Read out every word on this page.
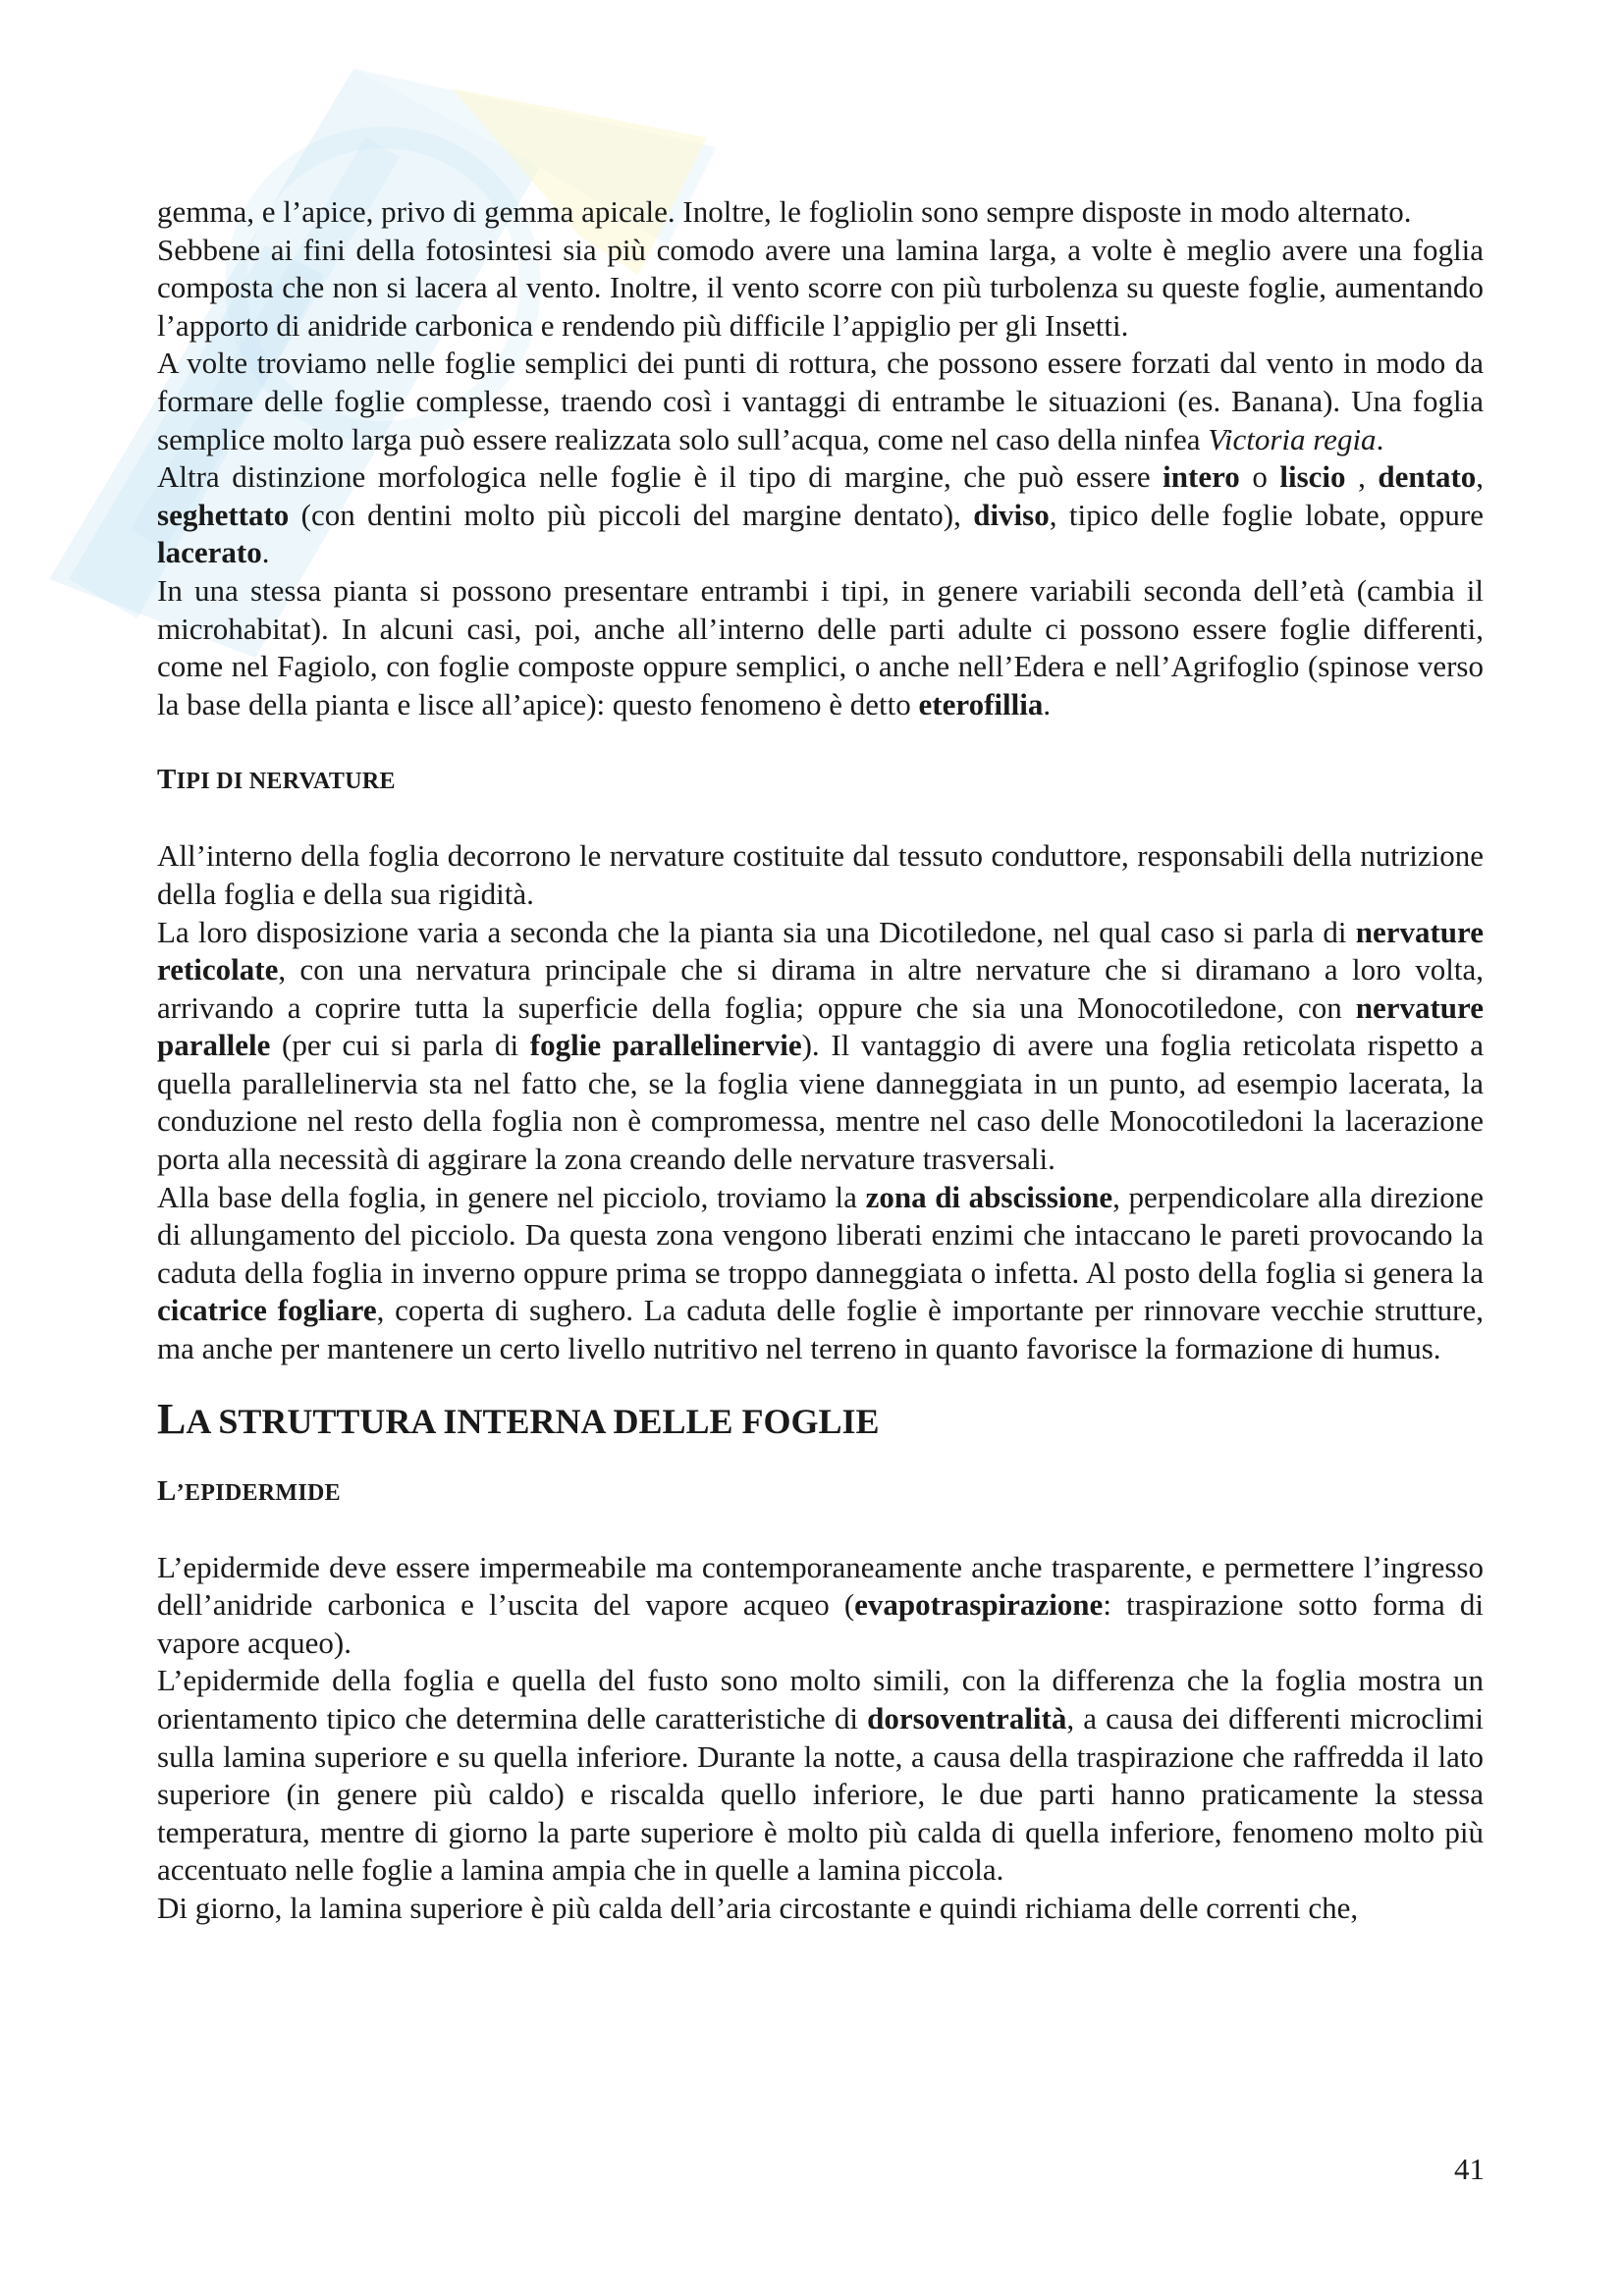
gemma, e l’apice, privo di gemma apicale. Inoltre, le fogliolin sono sempre disposte in modo alternato.

Sebbene ai fini della fotosintesi sia più comodo avere una lamina larga, a volte è meglio avere una foglia composta che non si lacera al vento. Inoltre, il vento scorre con più turbolenza su queste foglie, aumentando l’apporto di anidride carbonica e rendendo più difficile l’appiglio per gli Insetti.

A volte troviamo nelle foglie semplici dei punti di rottura, che possono essere forzati dal vento in modo da formare delle foglie complesse, traendo così i vantaggi di entrambe le situazioni (es. Banana). Una foglia semplice molto larga può essere realizzata solo sull’acqua, come nel caso della ninfea Victoria regia.

Altra distinzione morfologica nelle foglie è il tipo di margine, che può essere intero o liscio , dentato, seghettato (con dentini molto più piccoli del margine dentato), diviso, tipico delle foglie lobate, oppure lacerato.

In una stessa pianta si possono presentare entrambi i tipi, in genere variabili seconda dell’età (cambia il microhabitat). In alcuni casi, poi, anche all’interno delle parti adulte ci possono essere foglie differenti, come nel Fagiolo, con foglie composte oppure semplici, o anche nell’Edera e nell’Agrifoglio (spinose verso la base della pianta e lisce all’apice): questo fenomeno è detto eterofillia.

TIPI DI NERVATURE

All’interno della foglia decorrono le nervature costituite dal tessuto conduttore, responsabili della nutrizione della foglia e della sua rigidità.

La loro disposizione varia a seconda che la pianta sia una Dicotiledone, nel qual caso si parla di nervature reticolate, con una nervatura principale che si dirama in altre nervature che si diramano a loro volta, arrivando a coprire tutta la superficie della foglia; oppure che sia una Monocotiledone, con nervature parallele (per cui si parla di foglie parallelinervie). Il vantaggio di avere una foglia reticolata rispetto a quella parallelinervia sta nel fatto che, se la foglia viene danneggiata in un punto, ad esempio lacerata, la conduzione nel resto della foglia non è compromessa, mentre nel caso delle Monocotiledoni la lacerazione porta alla necessità di aggirare la zona creando delle nervature trasversali.

Alla base della foglia, in genere nel picciolo, troviamo la zona di abscissione, perpendicolare alla direzione di allungamento del picciolo. Da questa zona vengono liberati enzimi che intaccano le pareti provocando la caduta della foglia in inverno oppure prima se troppo danneggiata o infetta. Al posto della foglia si genera la cicatrice fogliare, coperta di sughero. La caduta delle foglie è importante per rinnovare vecchie strutture, ma anche per mantenere un certo livello nutritivo nel terreno in quanto favorisce la formazione di humus.

LA STRUTTURA INTERNA DELLE FOGLIE
L’EPIDERMIDE

L’epidermide deve essere impermeabile ma contemporaneamente anche trasparente, e permettere l’ingresso dell’anidride carbonica e l’uscita del vapore acqueo (evapotraspirazione: traspirazione sotto forma di vapore acqueo).

L’epidermide della foglia e quella del fusto sono molto simili, con la differenza che la foglia mostra un orientamento tipico che determina delle caratteristiche di dorsoventralità, a causa dei differenti microclimi sulla lamina superiore e su quella inferiore. Durante la notte, a causa della traspirazione che raffredda il lato superiore (in genere più caldo) e riscalda quello inferiore, le due parti hanno praticamente la stessa temperatura, mentre di giorno la parte superiore è molto più calda di quella inferiore, fenomeno molto più accentuato nelle foglie a lamina ampia che in quelle a lamina piccola.

Di giorno, la lamina superiore è più calda dell’aria circostante e quindi richiama delle correnti che,

41
